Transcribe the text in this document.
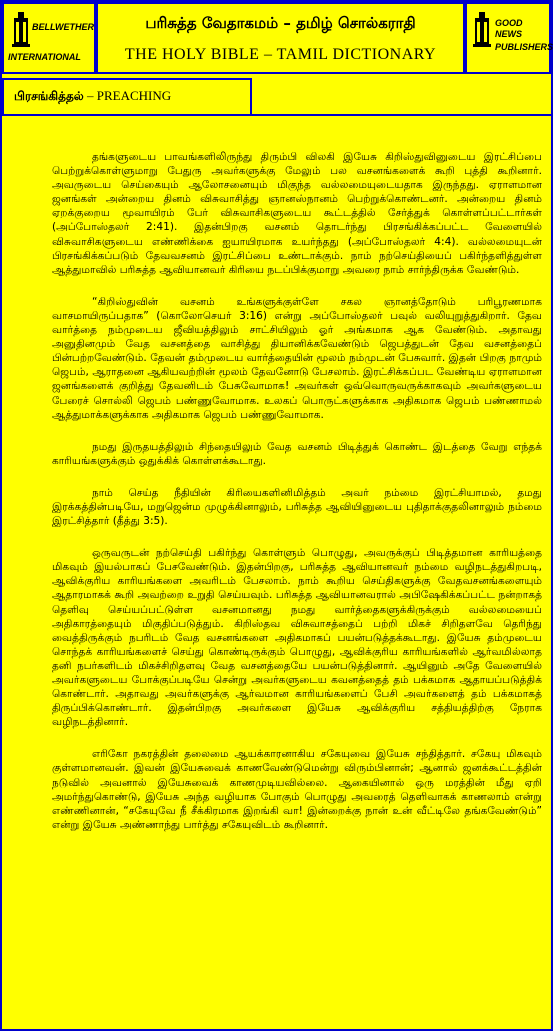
BELLWETHER
INTERNATIONAL
பரிசுத்த வேதாகமம் – தமிழ் சொல்கராதி
THE HOLY BIBLE – TAMIL DICTIONARY
GOOD NEWS
PUBLISHERS
பிரசங்கித்தல் – PREACHING

தங்களுடைய பாவங்களிலிருந்து திரும்பி விலகி இயேசு கிறிஸ்துவினுடைய இரட்சிப்பை பெற்றுக்கொள்ளுமாறு பேதுரு அவர்களுக்கு மேலும் பல வசனங்களைக் கூறி புத்தி கூறினார். அவருடைய செய்கையும் ஆலோசனையும் மிகுந்த வல்லமையுடையதாக இருந்தது. ஏராளமான ஜனங்கள் அன்றைய தினம் விசுவாசித்து ஞானஸ்நானம் பெற்றுக்கொண்டனர். அன்றைய தினம் ஏறக்குறைய மூவாயிரம் பேர் விசுவாசிகளுடைய கூட்டத்தில் சேர்த்துக் கொள்ளப்பட்டார்கள் (அப்போஸ்தலர் 2:41). இதன்பிறகு வசனம் தொடர்ந்து பிரசங்கிக்கப்பட்ட வேளையில் விசுவாசிகளுடைய எண்ணிக்கை ஐயாயிரமாக உயர்ந்தது (அப்போஸ்தலர் 4:4). வல்லமையுடன் பிரசங்கிக்கப்படும் தேவவசனம் இரட்சிப்பை உண்டாக்கும். நாம் நற்செய்தியைப் பகிர்ந்தளித்துள்ள ஆத்துமாவில் பரிசுத்த ஆவியானவர் கிரியை நடப்பிக்குமாறு அவரை நாம் சார்ந்திருக்க வேண்டும்.

“கிறிஸ்துவின் வசனம் உங்களுக்குள்ளே சகல ஞானத்தோடும் பரிபூரணமாக வாசமாயிருப்பதாக” (கொலோசெயர் 3:16) என்று அப்போஸ்தலர் பவுல் வலியுறுத்துகிறார். தேவ வார்த்தை நம்முடைய ஜீவியத்திலும் சாட்சியிலும் ஓர் அங்கமாக ஆக வேண்டும். அதாவது அனுதினமும் வேத வசனத்தை வாசித்து தியானிக்கவேண்டும் ஜெபத்துடன் தேவ வசனத்தைப் பின்பற்றவேண்டும். தேவன் தம்முடைய வார்த்தையின் மூலம் நம்முடன் பேசுவார். இதன் பிறகு நாமும் ஜெபம், ஆராதனை ஆகியவற்றின் மூலம் தேவனோடு பேசலாம். இரட்சிக்கப்பட வேண்டிய ஏராளமான ஜனங்களைக் குறித்து தேவனிடம் பேசுவோமாக! அவர்கள் ஒவ்வொருவருக்காகவும் அவர்களுடைய பேரைச் சொல்லி ஜெபம் பண்ணுவோமாக. உலகப் பொருட்களுக்காக அதிகமாக ஜெபம் பண்ணாமல் ஆத்துமாக்களுக்காக அதிகமாக ஜெபம் பண்ணுவோமாக.

நமது இருதயத்திலும் சிந்தையிலும் வேத வசனம் பிடித்துக் கொண்ட இடத்தை வேறு எந்தக் காரியங்களுக்கும் ஒதுக்கிக் கொள்ளக்கூடாது.

நாம் செய்த நீதியின் கிரியைகளினிமித்தம் அவர் நம்மை இரட்சியாமல், தமது இரக்கத்தின்படியே, மறுஜென்ம முழுக்கினாலும், பரிசுத்த ஆவியினுடைய புதிதாக்குதலினாலும் நம்மை இரட்சித்தார் (தீத்து 3:5).

ஒருவருடன் நற்செய்தி பகிர்ந்து கொள்ளும் பொழுது, அவருக்குப் பிடித்தமான காரியத்தை மிகவும் இயல்பாகப் பேசவேண்டும். இதன்பிறகு, பரிசுத்த ஆவியானவர் நம்மை வழிநடத்துகிறபடி, ஆவிக்குரிய காரியங்களை அவரிடம் பேசலாம். நாம் கூறிய செய்திகளுக்கு வேதவசனங்களையும் ஆதாரமாகக் கூறி அவற்றை உறுதி செய்யவும். பரிசுத்த ஆவியானவரால் அபிஷேகிக்கப்பட்ட நன்றாகத் தெளிவு செய்யப்பட்டுள்ள வசனமானது நமது வார்த்தைகளுக்கிருக்கும் வல்லமையைப் அதிகாரத்தையும் மிகுதிப்படுத்தும். கிறிஸ்தவ விசுவாசத்தைப் பற்றி மிகச் சிறிதளவே தெரிந்து வைத்திருக்கும் நபரிடம் வேத வசனங்களை அதிகமாகப் பயன்படுத்தக்கூடாது. இயேசு தம்முடைய சொந்தக் காரியங்களைச் செய்து கொண்டிருக்கும் பொழுது, ஆவிக்குரிய காரியங்களில் ஆர்வமில்லாத தனி நபர்களிடம் மிகச்சிறிதளவு வேத வசனத்தையே பயன்படுத்தினார். ஆயினும் அதே வேளையில் அவர்களுடைய போக்குப்படியே சென்று அவர்களுடைய கவனத்தைத் தம் பக்கமாக ஆதாயப்படுத்திக் கொண்டார். அதாவது அவர்களுக்கு ஆர்வமான காரியங்களைப் பேசி அவர்களைத் தம் பக்கமாகத் திருப்பிக்கொண்டார். இதன்பிறகு அவர்களை இயேசு ஆவிக்குரிய சத்தியத்திற்கு நேராக வழிநடத்தினார்.

எரிகோ நகரத்தின் தலைமை ஆயக்காரனாகிய சகேயுவை இயேசு சந்தித்தார். சகேயு மிகவும் குள்ளமானவன். இவன் இயேசுவைக் காணவேண்டுமென்று விரும்பினான்; ஆனால் ஜனக்கூட்டத்தின் நடுவில் அவனால் இயேசுவைக் காணமுடியவில்லை. ஆகையினால் ஒரு மரத்தின் மீது ஏறி அமர்ந்துகொண்டு, இயேசு அந்த வழியாக போகும் பொழுது அவரைத் தெளிவாகக் காணலாம் என்று எண்ணினான், “சகேயுவே நீ சீக்கிரமாக இறங்கி வா! இன்றைக்கு நான் உன் வீட்டிலே தங்கவேண்டும்” என்று இயேசு அண்ணாந்து பார்த்து சகேயுவிடம் கூறினார்.
